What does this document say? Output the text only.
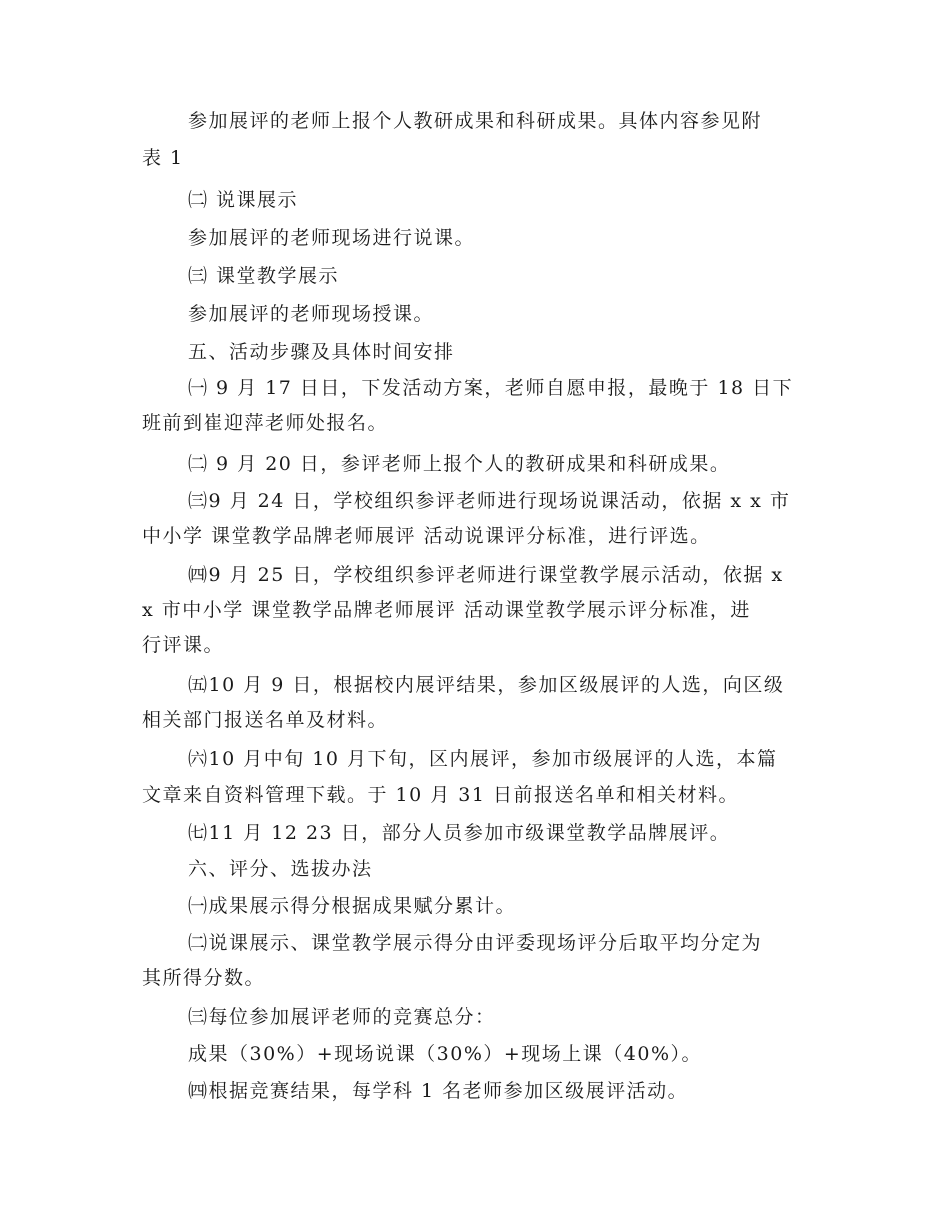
参加展评的老师上报个人教研成果和科研成果。具体内容参见附
表 1
㈡ 说课展示
参加展评的老师现场进行说课。
㈢ 课堂教学展示
参加展评的老师现场授课。
五、活动步骤及具体时间安排
㈠ 9 月 17 日日，下发活动方案，老师自愿申报，最晚于 18 日下
班前到崔迎萍老师处报名。
㈡ 9 月 20 日，参评老师上报个人的教研成果和科研成果。
㈢9 月 24 日，学校组织参评老师进行现场说课活动，依据 x x 市
中小学 课堂教学品牌老师展评 活动说课评分标准，进行评选。
㈣9 月 25 日，学校组织参评老师进行课堂教学展示活动，依据 x
x 市中小学 课堂教学品牌老师展评 活动课堂教学展示评分标准，进
行评课。
㈤10 月 9 日，根据校内展评结果，参加区级展评的人选，向区级
相关部门报送名单及材料。
㈥10 月中旬 10 月下旬，区内展评，参加市级展评的人选，本篇
文章来自资料管理下载。于 10 月 31 日前报送名单和相关材料。
㈦11 月 12 23 日，部分人员参加市级课堂教学品牌展评。
六、评分、选拔办法
㈠成果展示得分根据成果赋分累计。
㈡说课展示、课堂教学展示得分由评委现场评分后取平均分定为
其所得分数。
㈢每位参加展评老师的竞赛总分：
成果（30%）+现场说课（30%）+现场上课（40%）。
㈣根据竞赛结果，每学科 1 名老师参加区级展评活动。
